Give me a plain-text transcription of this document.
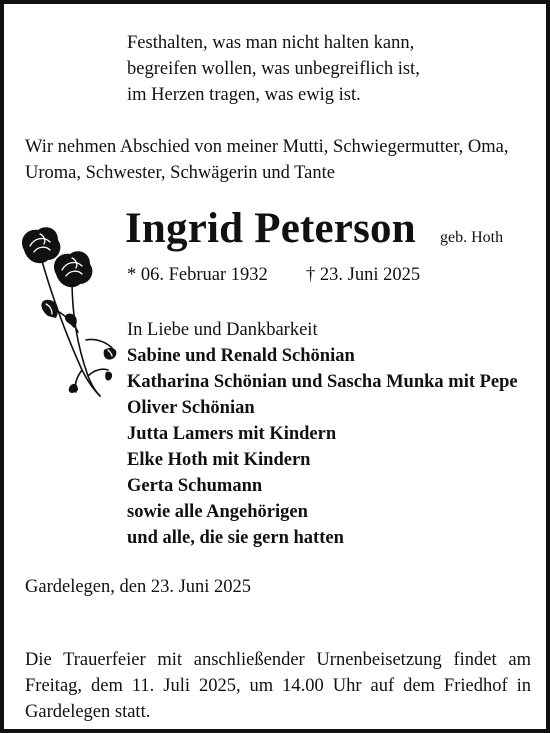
Festhalten, was man nicht halten kann,

begreifen wollen, was unbegreiflich ist,

im Herzen tragen, was ewig ist.

Wir nehmen Abschied von meiner Mutti, Schwiegermutter, Oma,

Uroma, Schwester, Schwägerin und Tante

Ingrid Peterson geb. Hoth

* 06. Februar 1932 † 23. Juni 2025

In Liebe und Dankbarkeit

Sabine und Renald Schönian

Katharina Schönian und Sascha Munka mit Pepe

Oliver Schönian

Jutta Lamers mit Kindern

Elke Hoth mit Kindern

Gerta Schumann

sowie alle Angehörigen

und alle, die sie gern hatten

Gardelegen, den 23. Juni 2025

Die Trauerfeier mit anschließender Urnenbeisetzung findet am Freitag, dem 11. Juli 2025, um 14.00 Uhr auf dem Friedhof in Gardelegen statt.
